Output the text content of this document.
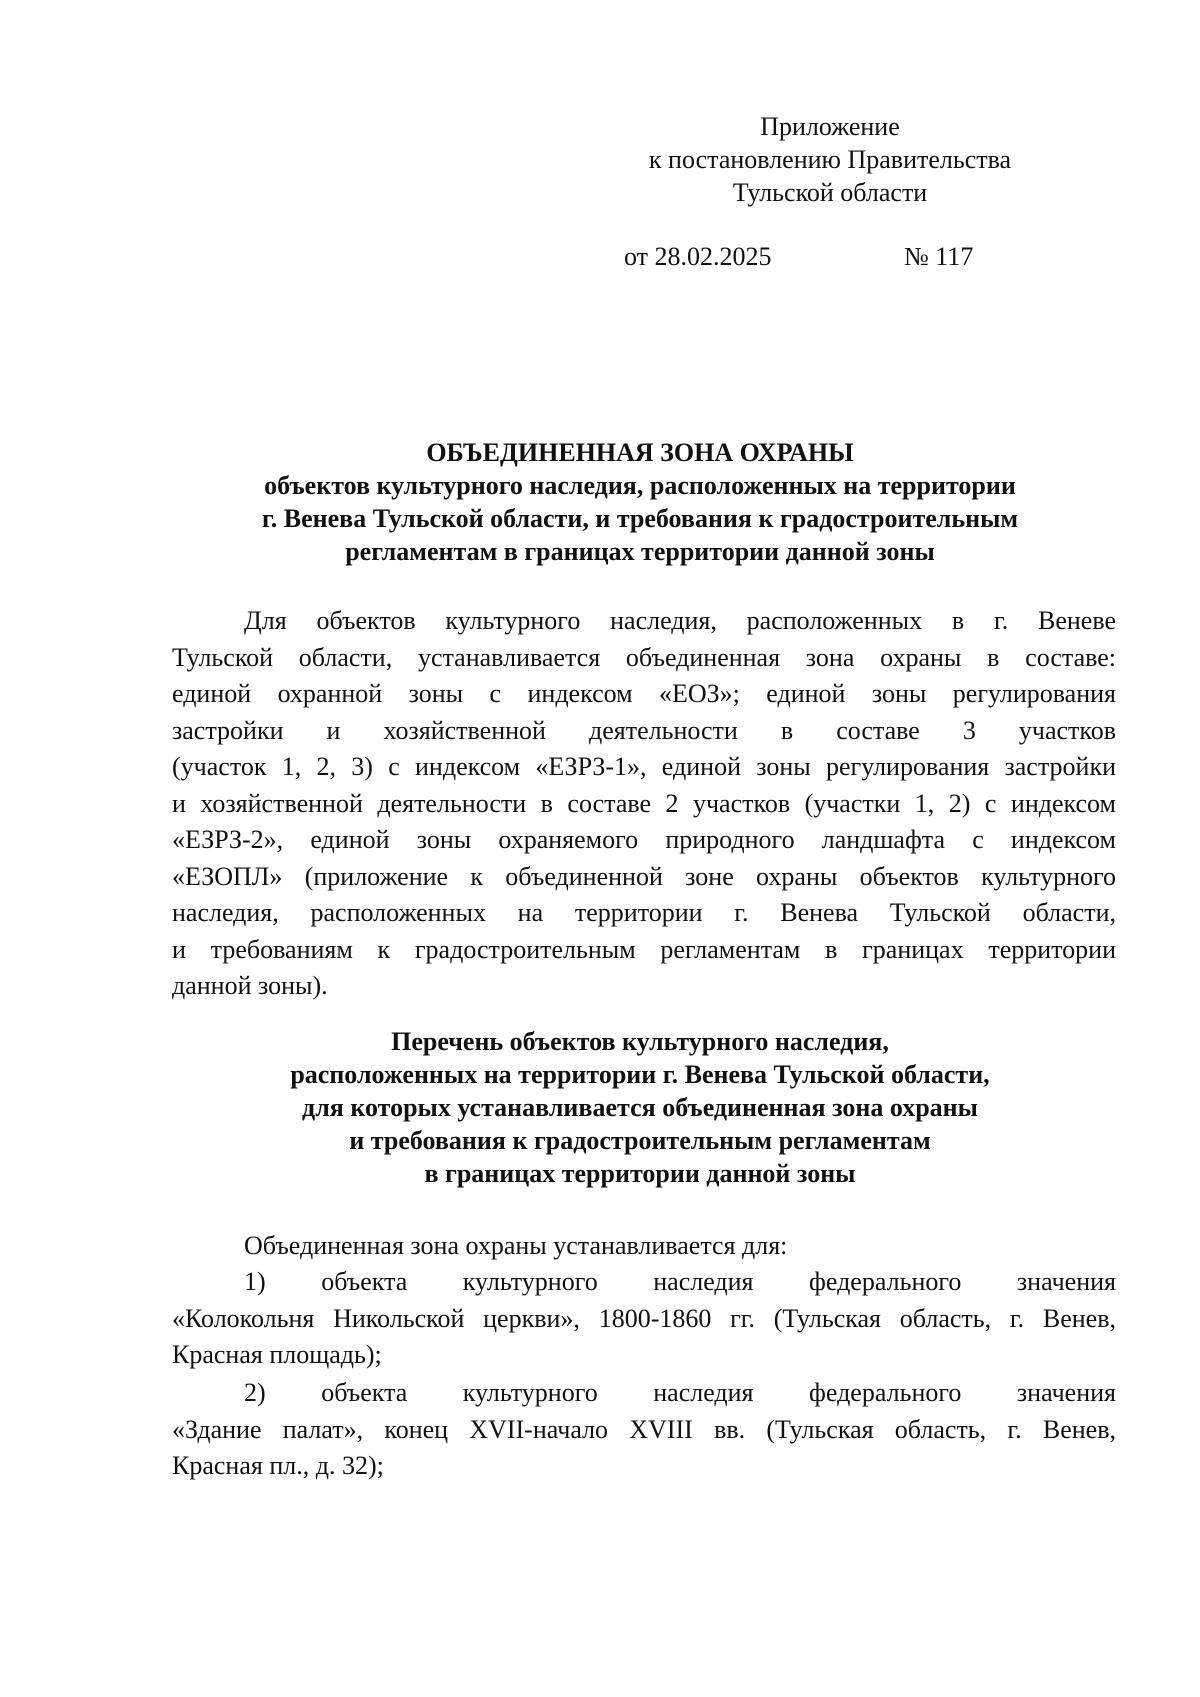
Приложение
к постановлению Правительства
Тульской области
от 28.02.2025	№ 117
ОБЪЕДИНЕННАЯ ЗОНА ОХРАНЫ
объектов культурного наследия, расположенных на территории
г. Венева Тульской области, и требования к градостроительным
регламентам в границах территории данной зоны
Для объектов культурного наследия, расположенных в г. Веневе
Тульской области, устанавливается объединенная зона охраны в составе:
единой охранной зоны с индексом «ЕОЗ»; единой зоны регулирования
застройки и хозяйственной деятельности в составе 3 участков
(участок 1, 2, 3) с индексом «ЕЗРЗ-1», единой зоны регулирования застройки
и хозяйственной деятельности в составе 2 участков (участки 1, 2) с индексом
«ЕЗРЗ-2», единой зоны охраняемого природного ландшафта с индексом
«ЕЗОПЛ» (приложение к объединенной зоне охраны объектов культурного
наследия, расположенных на территории г. Венева Тульской области,
и требованиям к градостроительным регламентам в границах территории
данной зоны).
Перечень объектов культурного наследия,
расположенных на территории г. Венева Тульской области,
для которых устанавливается объединенная зона охраны
и требования к градостроительным регламентам
в границах территории данной зоны
Объединенная зона охраны устанавливается для:
1) объекта культурного наследия федерального значения
«Колокольня Никольской церкви», 1800-1860 гг. (Тульская область, г. Венев,
Красная площадь);
2) объекта культурного наследия федерального значения
«Здание палат», конец XVII-начало XVIII вв. (Тульская область, г. Венев,
Красная пл., д. 32);
